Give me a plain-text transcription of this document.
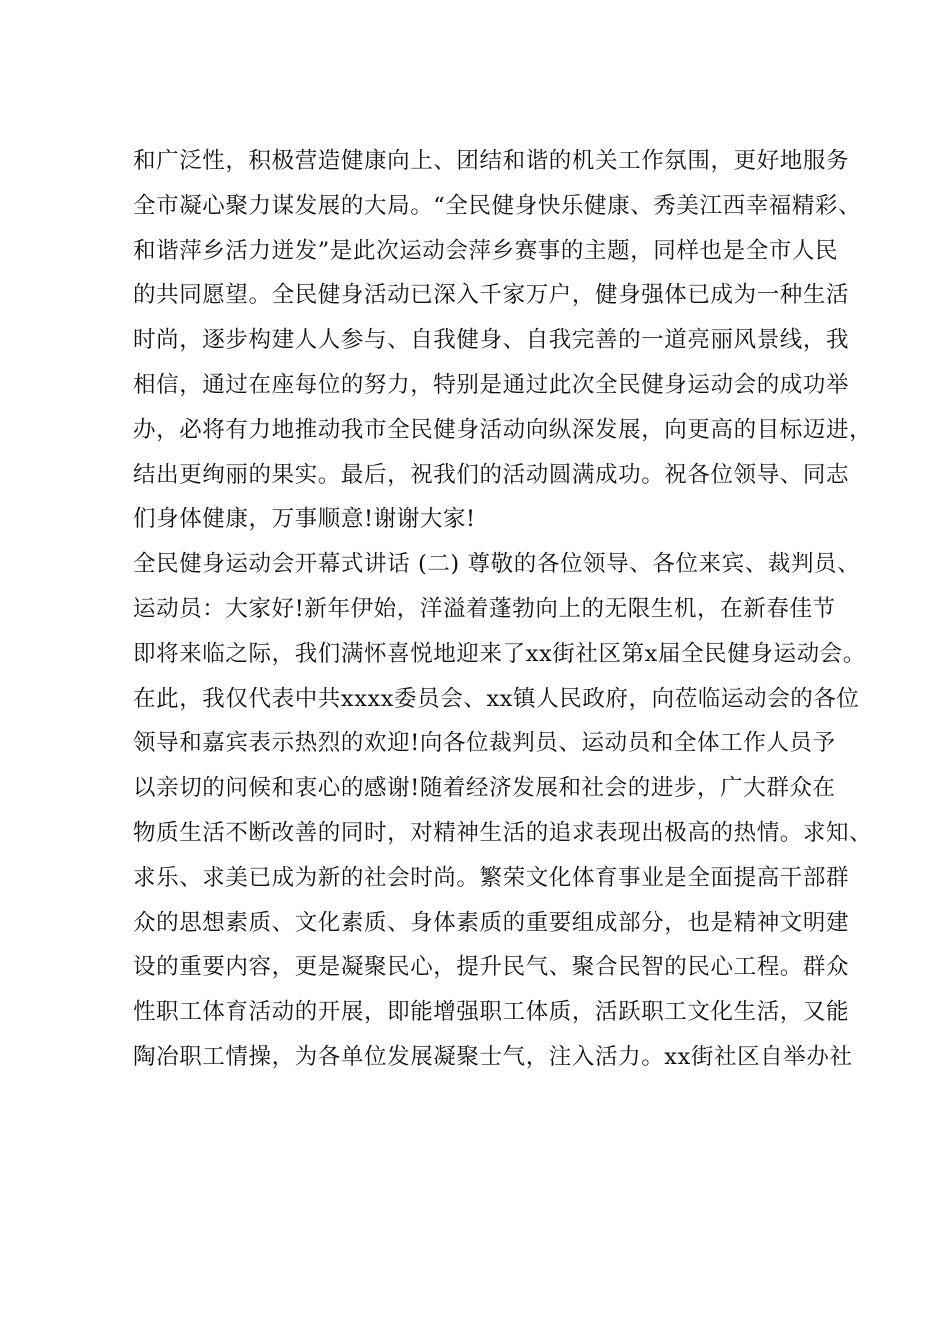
和广泛性，积极营造健康向上、团结和谐的机关工作氛围，更好地服务
全市凝心聚力谋发展的大局。“全民健身快乐健康、秀美江西幸福精彩、
和谐萍乡活力迸发”是此次运动会萍乡赛事的主题，同样也是全市人民
的共同愿望。全民健身活动已深入千家万户，健身强体已成为一种生活
时尚，逐步构建人人参与、自我健身、自我完善的一道亮丽风景线，我
相信，通过在座每位的努力，特别是通过此次全民健身运动会的成功举
办，必将有力地推动我市全民健身活动向纵深发展，向更高的目标迈进，
结出更绚丽的果实。最后，祝我们的活动圆满成功。祝各位领导、同志
们身体健康，万事顺意!谢谢大家!
全民健身运动会开幕式讲话 (二) 尊敬的各位领导、各位来宾、裁判员、
运动员：大家好!新年伊始，洋溢着蓬勃向上的无限生机，在新春佳节
即将来临之际，我们满怀喜悦地迎来了xx街社区第x届全民健身运动会。
在此，我仅代表中共xxxx委员会、xx镇人民政府，向莅临运动会的各位
领导和嘉宾表示热烈的欢迎!向各位裁判员、运动员和全体工作人员予
以亲切的问候和衷心的感谢!随着经济发展和社会的进步，广大群众在
物质生活不断改善的同时，对精神生活的追求表现出极高的热情。求知、
求乐、求美已成为新的社会时尚。繁荣文化体育事业是全面提高干部群
众的思想素质、文化素质、身体素质的重要组成部分，也是精神文明建
设的重要内容，更是凝聚民心，提升民气、聚合民智的民心工程。群众
性职工体育活动的开展，即能增强职工体质，活跃职工文化生活，又能
陶冶职工情操，为各单位发展凝聚士气，注入活力。xx街社区自举办社
